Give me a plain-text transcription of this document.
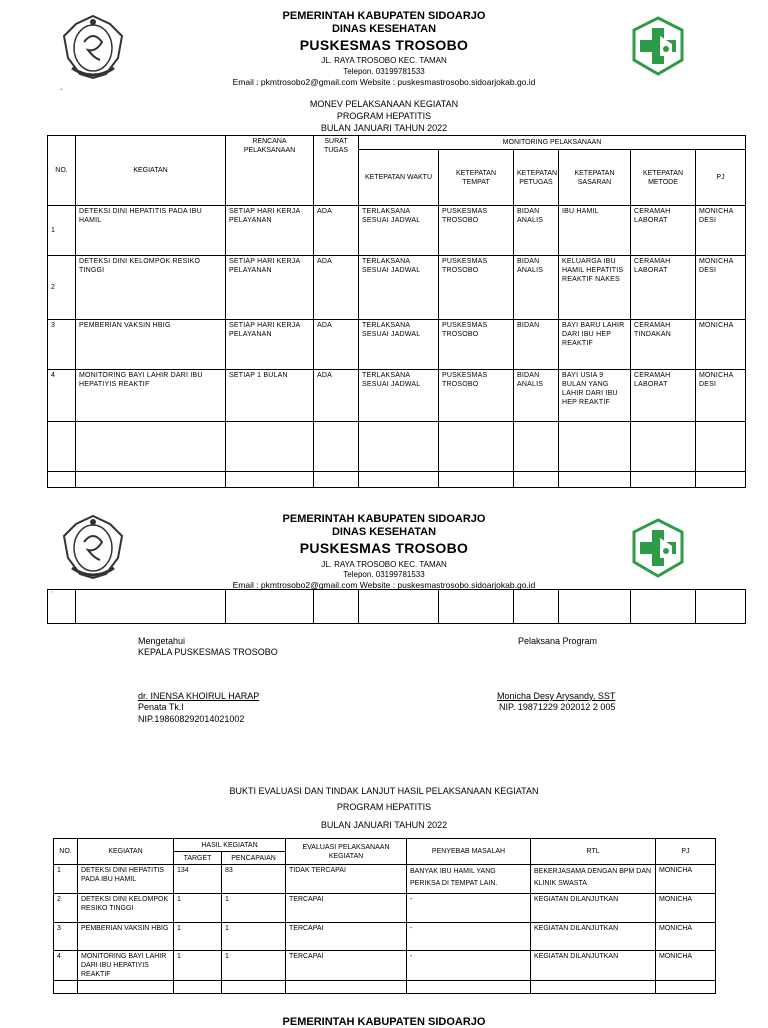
PEMERINTAH KABUPATEN SIDOARJO
DINAS KESEHATAN
PUSKESMAS TROSOBO
JL. RAYA TROSOBO KEC. TAMAN
Telepon. 03199781533
Email : pkmtrosobo2@gmail.com Website : puskesmastrosobo.sidoarjokab.go.id
`
MONEV PELAKSANAAN KEGIATAN
PROGRAM HEPATITIS
BULAN JANUARI TAHUN 2022
NO.	KEGIATAN	RENCANA PELAKSANAAN	SURAT TUGAS	MONITORING PELAKSANAAN					
				KETEPATAN WAKTU	KETEPATAN TEMPAT	KETEPATAN PETUGAS	KETEPATAN SASARAN	KETEPATAN METODE	PJ
1	DETEKSI DINI HEPATITIS PADA IBU HAMIL	SETIAP HARI KERJA PELAYANAN	ADA	TERLAKSANA SESUAI JADWAL	PUSKESMAS TROSOBO	BIDAN ANALIS	IBU HAMIL	CERAMAH LABORAT	MONICHA DESI
2	DETEKSI DINI KELOMPOK RESIKO TINGGI	SETIAP HARI KERJA PELAYANAN	ADA	TERLAKSANA SESUAI JADWAL	PUSKESMAS TROSOBO	BIDAN ANALIS	KELUARGA IBU HAMIL HEPATITIS REAKTIF NAKES	CERAMAH LABORAT	MONICHA DESI
3	PEMBERIAN VAKSIN HBIG	SETIAP HARI KERJA PELAYANAN	ADA	TERLAKSANA SESUAI JADWAL	PUSKESMAS TROSOBO	BIDAN	BAYI BARU LAHIR DARI IBU HEP REAKTIF	CERAMAH TINDAKAN	MONICHA
4	MONITORING BAYI LAHIR DARI IBU HEPATIYIS REAKTIF	SETIAP 1 BULAN	ADA	TERLAKSANA SESUAI JADWAL	PUSKESMAS TROSOBO	BIDAN ANALIS	BAYI USIA 9 BULAN YANG LAHIR DARI IBU HEP REAKTIF	CERAMAH LABORAT	MONICHA DESI

PEMERINTAH KABUPATEN SIDOARJO
DINAS KESEHATAN
PUSKESMAS TROSOBO
JL. RAYA TROSOBO KEC. TAMAN
Telepon. 03199781533
Email : pkmtrosobo2@gmail.com Website : puskesmastrosobo.sidoarjokab.go.id
`									
Mengetahui
KEPALA PUSKESMAS TROSOBO
dr. INENSA KHOIRUL HARAP
Penata Tk.I
NIP.198608292014021002
Pelaksana Program
Monicha Desy Arysandy, SST
NIP. 19871229 202012 2 005
BUKTI EVALUASI DAN TINDAK LANJUT HASIL PELAKSANAAN KEGIATAN
PROGRAM HEPATITIS
BULAN JANUARI TAHUN 2022
NO.	KEGIATAN	HASIL KEGIATAN		EVALUASI PELAKSANAAN KEGIATAN	PENYEBAB MASALAH	RTL	PJ
		TARGET	PENCAPAIAN				
1	DETEKSI DINI HEPATITIS PADA IBU HAMIL	134	83	TIDAK TERCAPAI	BANYAK IBU HAMIL YANG PERIKSA DI TEMPAT LAIN.	BEKERJASAMA DENGAN BPM DAN KLINIK SWASTA	MONICHA
2	DETEKSI DINI KELOMPOK RESIKO TINGGI	1	1	TERCAPAI	-	KEGIATAN DILANJUTKAN	MONICHA
3	PEMBERIAN VAKSIN HBIG	1	1	TERCAPAI	-	KEGIATAN DILANJUTKAN	MONICHA
4	MONITORING BAYI LAHIR DARI IBU HEPATIYIS REAKTIF	1	1	TERCAPAI	-	KEGIATAN DILANJUTKAN	MONICHA

PEMERINTAH KABUPATEN SIDOARJO
